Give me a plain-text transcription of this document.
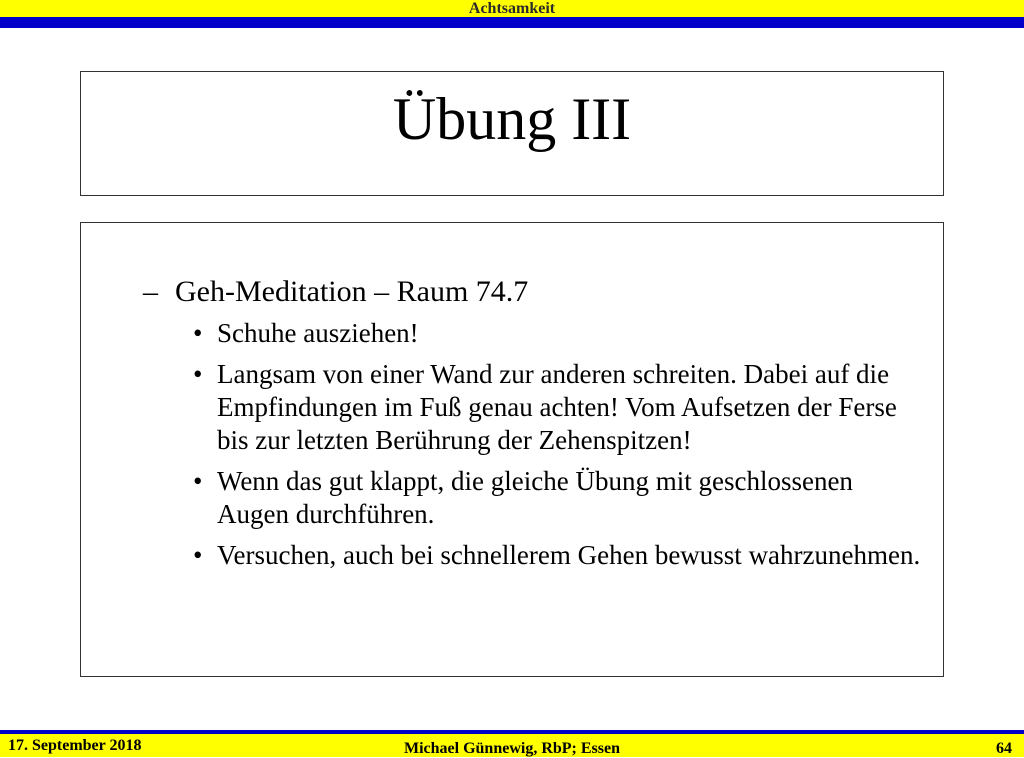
Achtsamkeit
Übung III
– Geh-Meditation – Raum 74.7
• Schuhe ausziehen!
• Langsam von einer Wand zur anderen schreiten. Dabei auf die Empfindungen im Fuß genau achten! Vom Aufsetzen der Ferse bis zur letzten Berührung der Zehenspitzen!
• Wenn das gut klappt, die gleiche Übung mit geschlossenen Augen durchführen.
• Versuchen, auch bei schnellerem Gehen bewusst wahrzunehmen.
17. September 2018	Michael Günnewig, RbP; Essen	64
